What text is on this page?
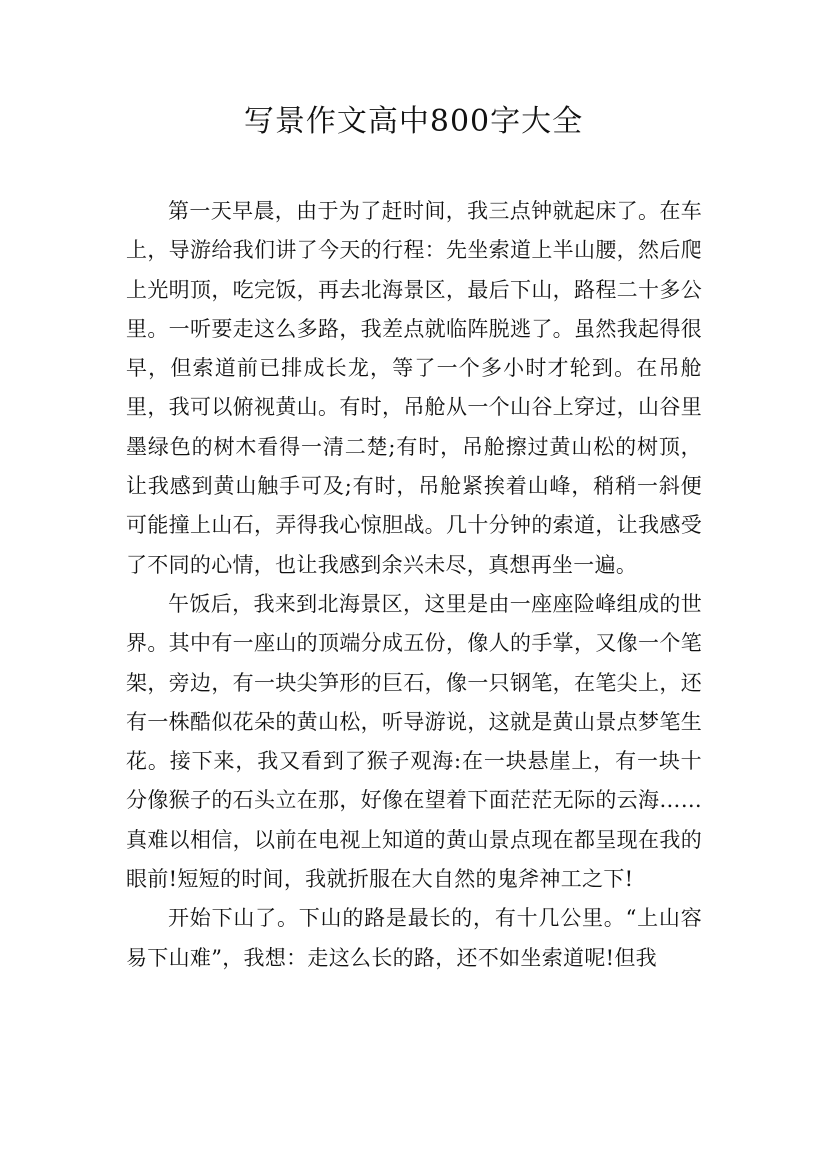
写景作文高中800字大全

第一天早晨，由于为了赶时间，我三点钟就起床了。在车上，导游给我们讲了今天的行程：先坐索道上半山腰，然后爬上光明顶，吃完饭，再去北海景区，最后下山，路程二十多公里。一听要走这么多路，我差点就临阵脱逃了。虽然我起得很早，但索道前已排成长龙，等了一个多小时才轮到。在吊舱里，我可以俯视黄山。有时，吊舱从一个山谷上穿过，山谷里墨绿色的树木看得一清二楚;有时，吊舱擦过黄山松的树顶，让我感到黄山触手可及;有时，吊舱紧挨着山峰，稍稍一斜便可能撞上山石，弄得我心惊胆战。几十分钟的索道，让我感受了不同的心情，也让我感到余兴未尽，真想再坐一遍。

午饭后，我来到北海景区，这里是由一座座险峰组成的世界。其中有一座山的顶端分成五份，像人的手掌，又像一个笔架，旁边，有一块尖笋形的巨石，像一只钢笔，在笔尖上，还有一株酷似花朵的黄山松，听导游说，这就是黄山景点梦笔生花。接下来，我又看到了猴子观海:在一块悬崖上，有一块十分像猴子的石头立在那，好像在望着下面茫茫无际的云海……真难以相信，以前在电视上知道的黄山景点现在都呈现在我的眼前!短短的时间，我就折服在大自然的鬼斧神工之下!

开始下山了。下山的路是最长的，有十几公里。“上山容易下山难”，我想：走这么长的路，还不如坐索道呢!但我
